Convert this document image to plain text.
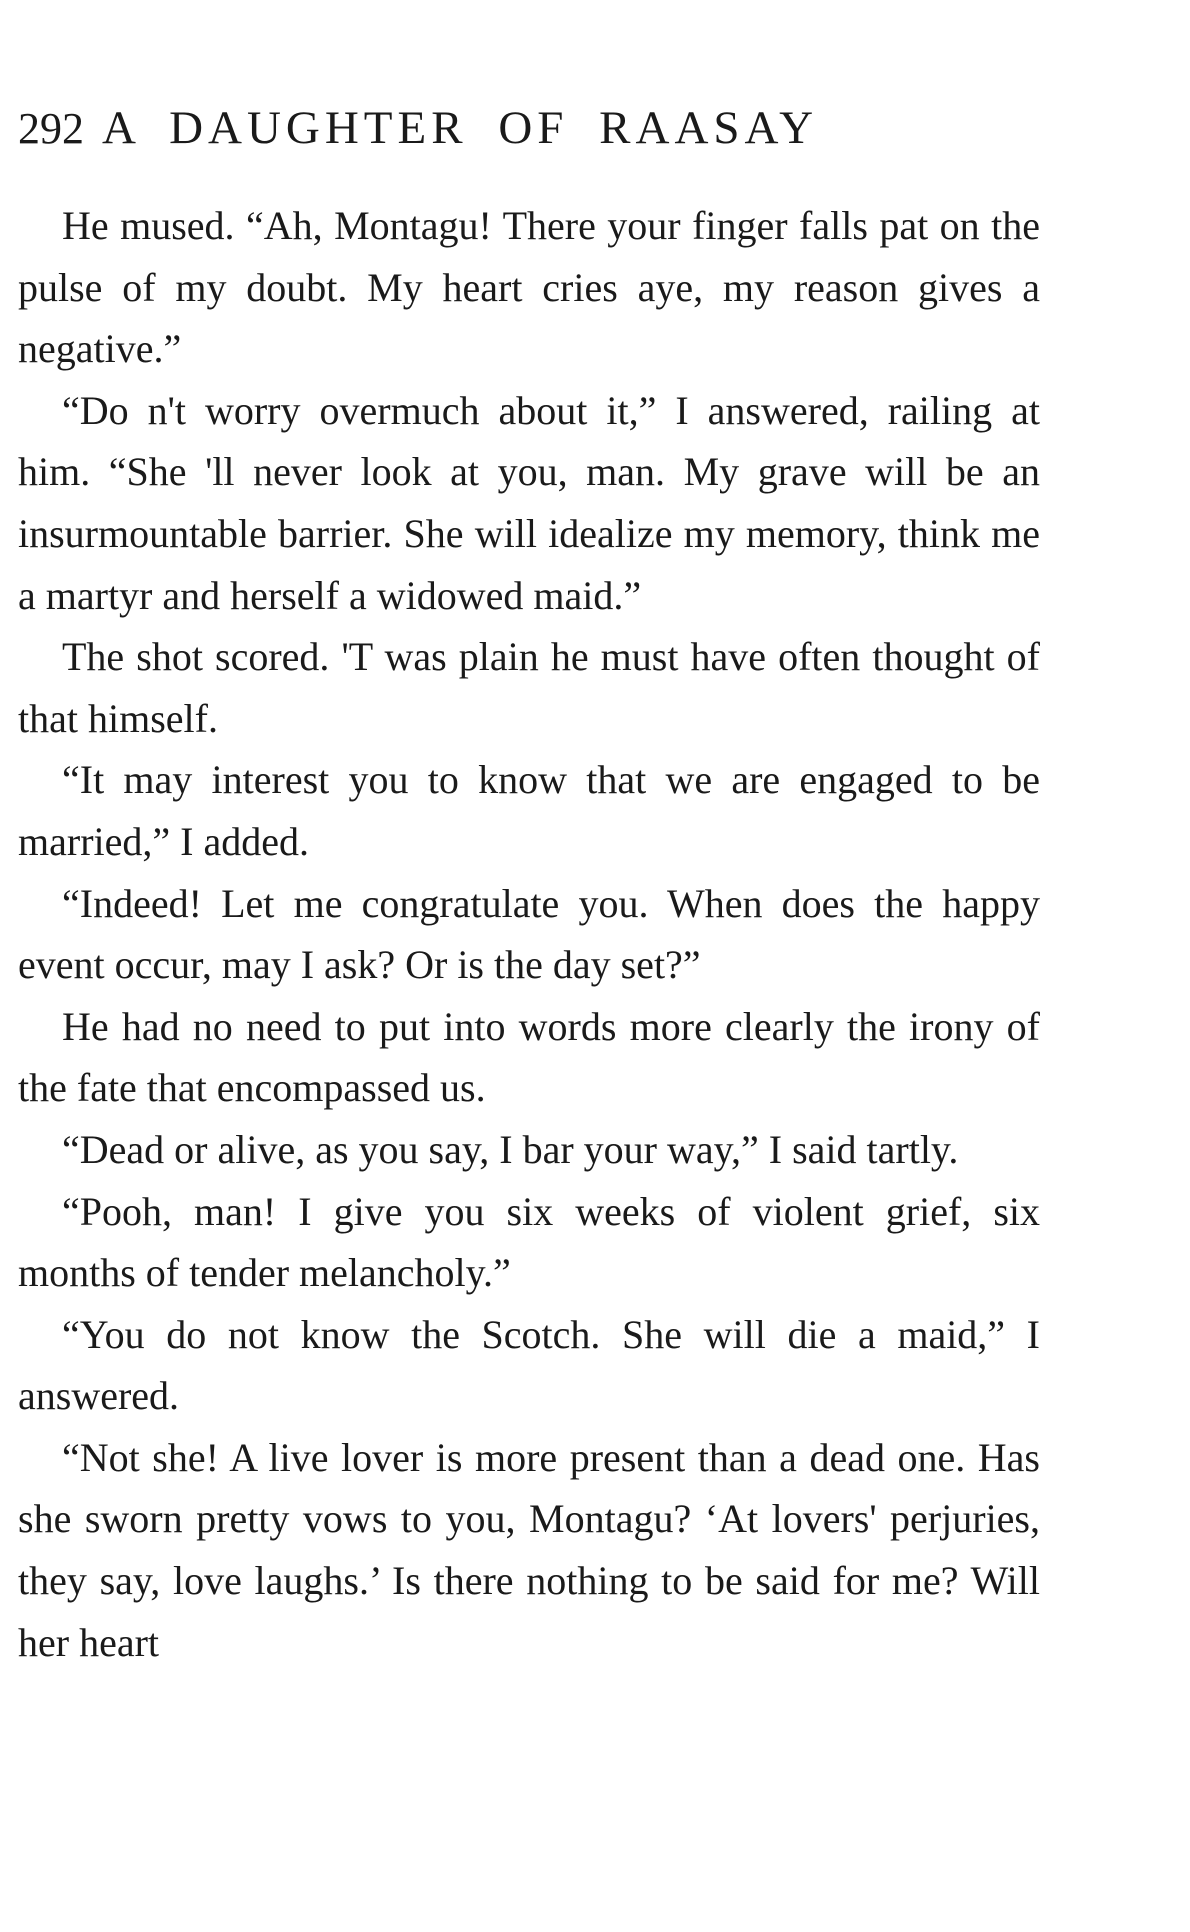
292 A DAUGHTER OF RAASAY

He mused. “Ah, Montagu! There your finger falls pat on the pulse of my doubt. My heart cries aye, my reason gives a negative.”

“Do n't worry overmuch about it,” I answered, railing at him. “She 'll never look at you, man. My grave will be an insurmountable barrier. She will idealize my memory, think me a martyr and herself a widowed maid.”

The shot scored. 'T was plain he must have often thought of that himself.

“It may interest you to know that we are engaged to be married,” I added.

“Indeed! Let me congratulate you. When does the happy event occur, may I ask? Or is the day set?”

He had no need to put into words more clearly the irony of the fate that encompassed us.

“Dead or alive, as you say, I bar your way,” I said tartly.

“Pooh, man! I give you six weeks of violent grief, six months of tender melancholy.”

“You do not know the Scotch. She will die a maid,” I answered.

“Not she! A live lover is more present than a dead one. Has she sworn pretty vows to you, Montagu? ‘At lovers' perjuries, they say, love laughs.’ Is there nothing to be said for me? Will her heart
